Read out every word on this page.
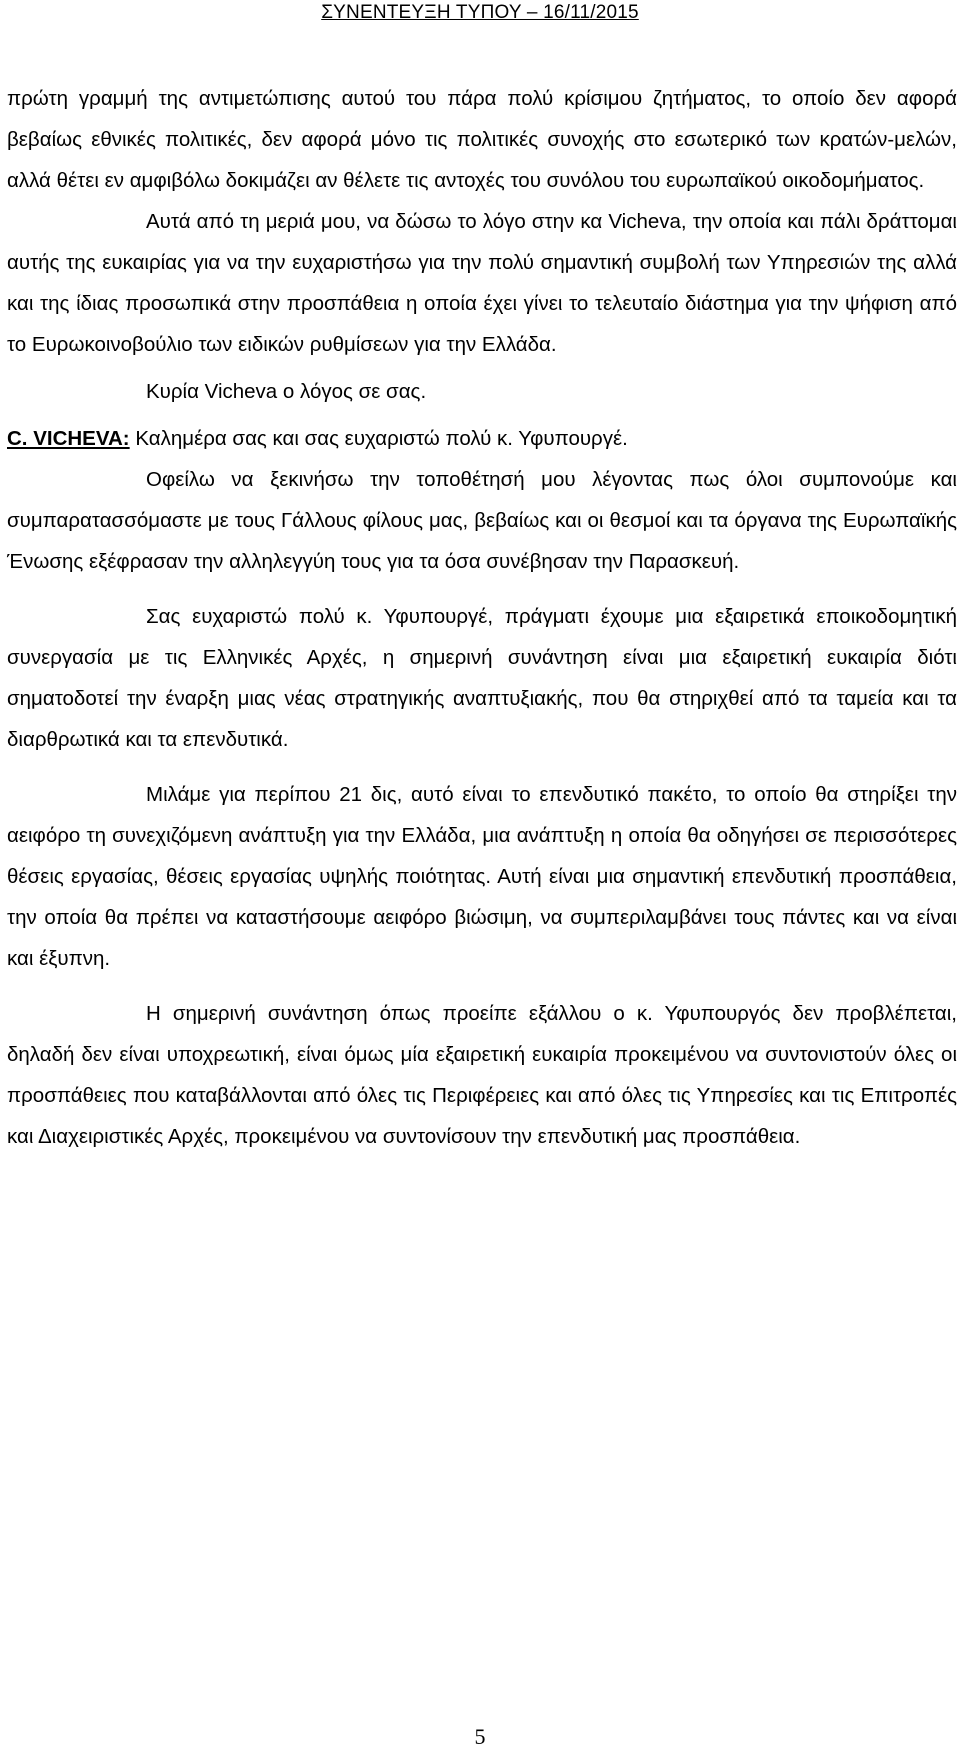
ΣΥΝΕΝΤΕΥΞΗ ΤΥΠΟΥ – 16/11/2015

πρώτη γραμμή της αντιμετώπισης αυτού του πάρα πολύ κρίσιμου ζητήματος, το οποίο δεν αφορά βεβαίως εθνικές πολιτικές, δεν αφορά μόνο τις πολιτικές συνοχής στο εσωτερικό των κρατών-μελών, αλλά θέτει εν αμφιβόλω δοκιμάζει αν θέλετε τις αντοχές του συνόλου του ευρωπαϊκού οικοδομήματος.

Αυτά από τη μεριά μου, να δώσω το λόγο στην κα Vicheva, την οποία και πάλι δράττομαι αυτής της ευκαιρίας για να την ευχαριστήσω για την πολύ σημαντική συμβολή των Υπηρεσιών της αλλά και της ίδιας προσωπικά στην προσπάθεια η οποία έχει γίνει το τελευταίο διάστημα για την ψήφιση από το Ευρωκοινοβούλιο των ειδικών ρυθμίσεων για την Ελλάδα.

Κυρία Vicheva ο λόγος σε σας.

C. VICHEVA: Καλημέρα σας και σας ευχαριστώ πολύ κ. Υφυπουργέ.

Οφείλω να ξεκινήσω την τοποθέτησή μου λέγοντας πως όλοι συμπονούμε και συμπαρατασσόμαστε με τους Γάλλους φίλους μας, βεβαίως και οι θεσμοί και τα όργανα της Ευρωπαϊκής Ένωσης εξέφρασαν την αλληλεγγύη τους για τα όσα συνέβησαν την Παρασκευή.

Σας ευχαριστώ πολύ κ. Υφυπουργέ, πράγματι έχουμε μια εξαιρετικά εποικοδομητική συνεργασία με τις Ελληνικές Αρχές, η σημερινή συνάντηση είναι μια εξαιρετική ευκαιρία διότι σηματοδοτεί την έναρξη μιας νέας στρατηγικής αναπτυξιακής, που θα στηριχθεί από τα ταμεία και τα διαρθρωτικά και τα επενδυτικά.

Μιλάμε για περίπου 21 δις, αυτό είναι το επενδυτικό πακέτο, το οποίο θα στηρίξει την αειφόρο τη συνεχιζόμενη ανάπτυξη για την Ελλάδα, μια ανάπτυξη η οποία θα οδηγήσει σε περισσότερες θέσεις εργασίας, θέσεις εργασίας υψηλής ποιότητας. Αυτή είναι μια σημαντική επενδυτική προσπάθεια, την οποία θα πρέπει να καταστήσουμε αειφόρο βιώσιμη, να συμπεριλαμβάνει τους πάντες και να είναι και έξυπνη.

Η σημερινή συνάντηση όπως προείπε εξάλλου ο κ. Υφυπουργός δεν προβλέπεται, δηλαδή δεν είναι υποχρεωτική, είναι όμως μία εξαιρετική ευκαιρία προκειμένου να συντονιστούν όλες οι προσπάθειες που καταβάλλονται από όλες τις Περιφέρειες και από όλες τις Υπηρεσίες και τις Επιτροπές και Διαχειριστικές Αρχές, προκειμένου να συντονίσουν την επενδυτική μας προσπάθεια.

5
